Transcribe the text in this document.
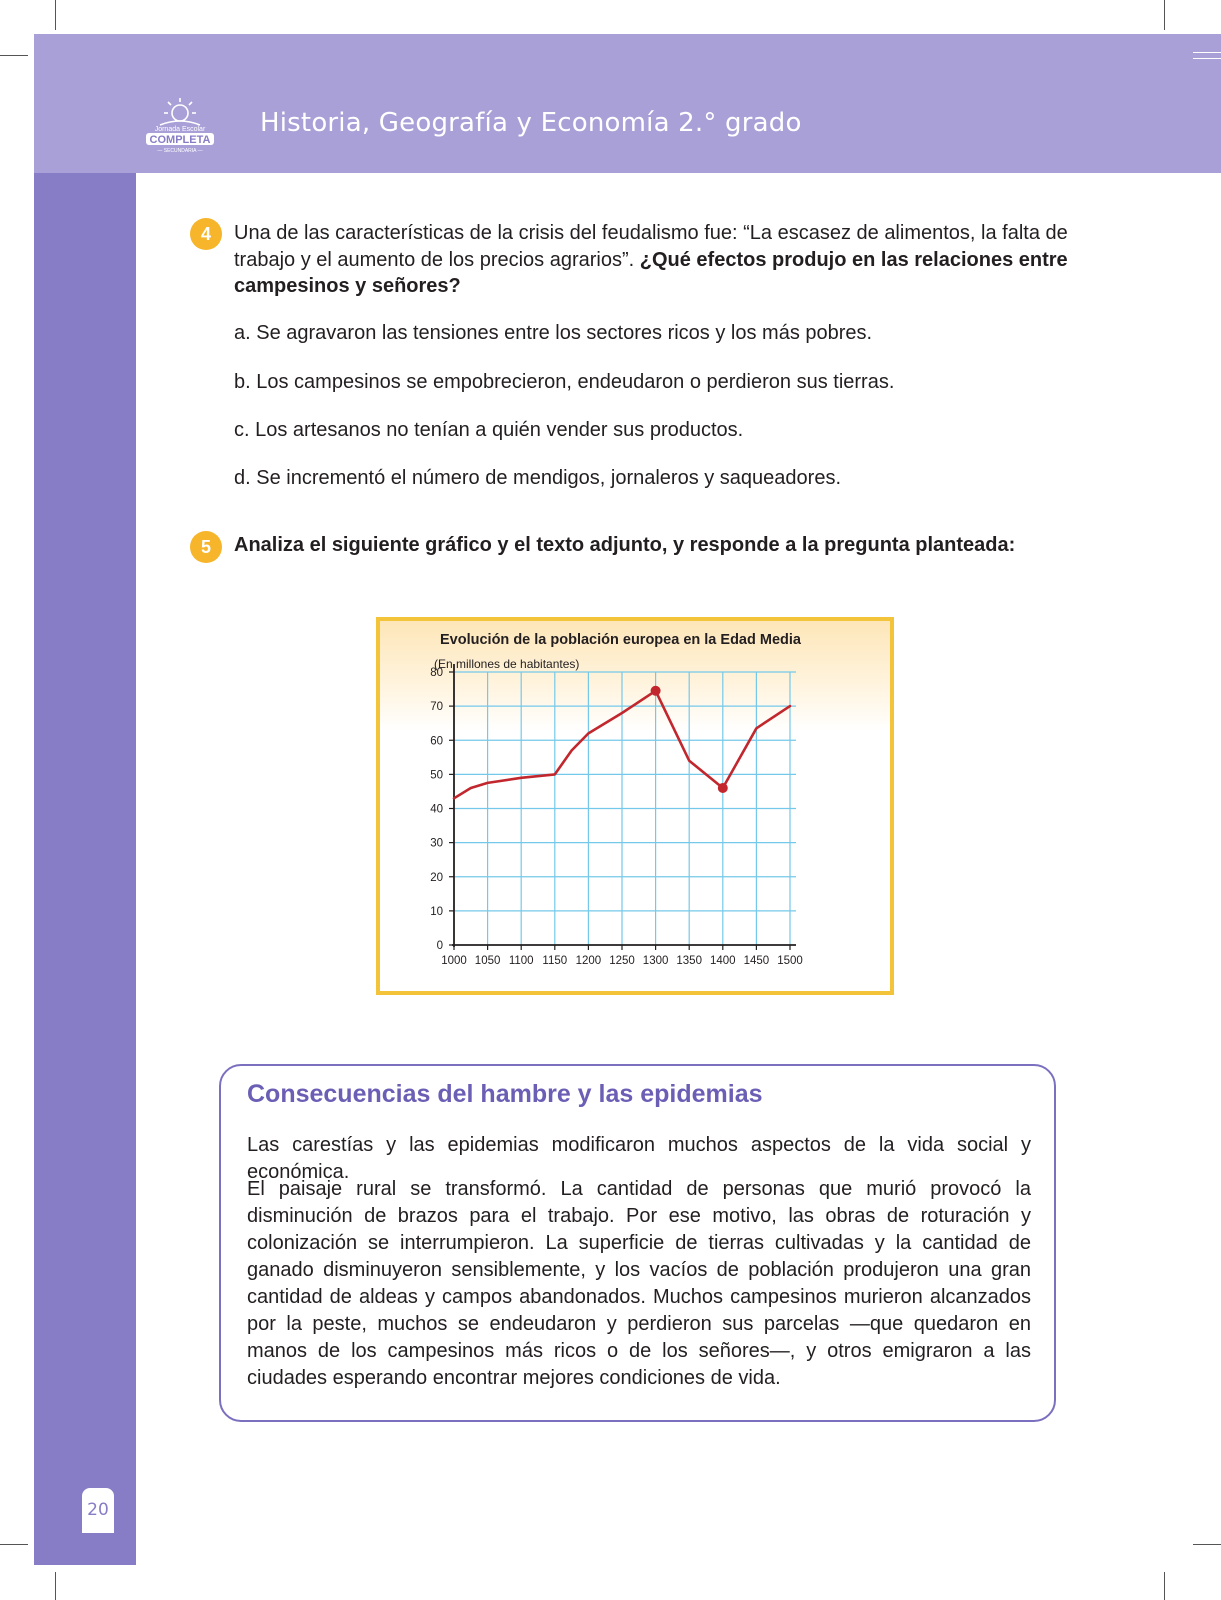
Jornada Escolar
COMPLETA
— SECUNDARIA —
Historia, Geografía y Economía 2.° grado
4	Una de las características de la crisis del feudalismo fue: “La escasez de alimentos, la falta de trabajo y el aumento de los precios agrarios”. ¿Qué efectos produjo en las relaciones entre campesinos y señores?
a. Se agravaron las tensiones entre los sectores ricos y los más pobres.
b. Los campesinos se empobrecieron, endeudaron o perdieron sus tierras.
c. Los artesanos no tenían a quién vender sus productos.
d. Se incrementó el número de mendigos, jornaleros y saqueadores.
5	Analiza el siguiente gráfico y el texto adjunto, y responde a la pregunta planteada:
Evolución de la población europea en la Edad Media
(En millones de habitantes)
0
10
20
30
40
50
60
70
80
1000 1050 1100 1150 1200 1250 1300 1350 1400 1450 1500
Consecuencias del hambre y las epidemias

Las carestías y las epidemias modificaron muchos aspectos de la vida social y económica.

El paisaje rural se transformó. La cantidad de personas que murió provocó la disminución de brazos para el trabajo. Por ese motivo, las obras de roturación y colonización se interrumpieron. La superficie de tierras cultivadas y la cantidad de ganado disminuyeron sensiblemente, y los vacíos de población produjeron una gran cantidad de aldeas y campos abandonados. Muchos campesinos murieron alcanzados por la peste, muchos se endeudaron y perdieron sus parcelas —que quedaron en manos de los campesinos más ricos o de los señores—, y otros emigraron a las ciudades esperando encontrar mejores condiciones de vida.

20
